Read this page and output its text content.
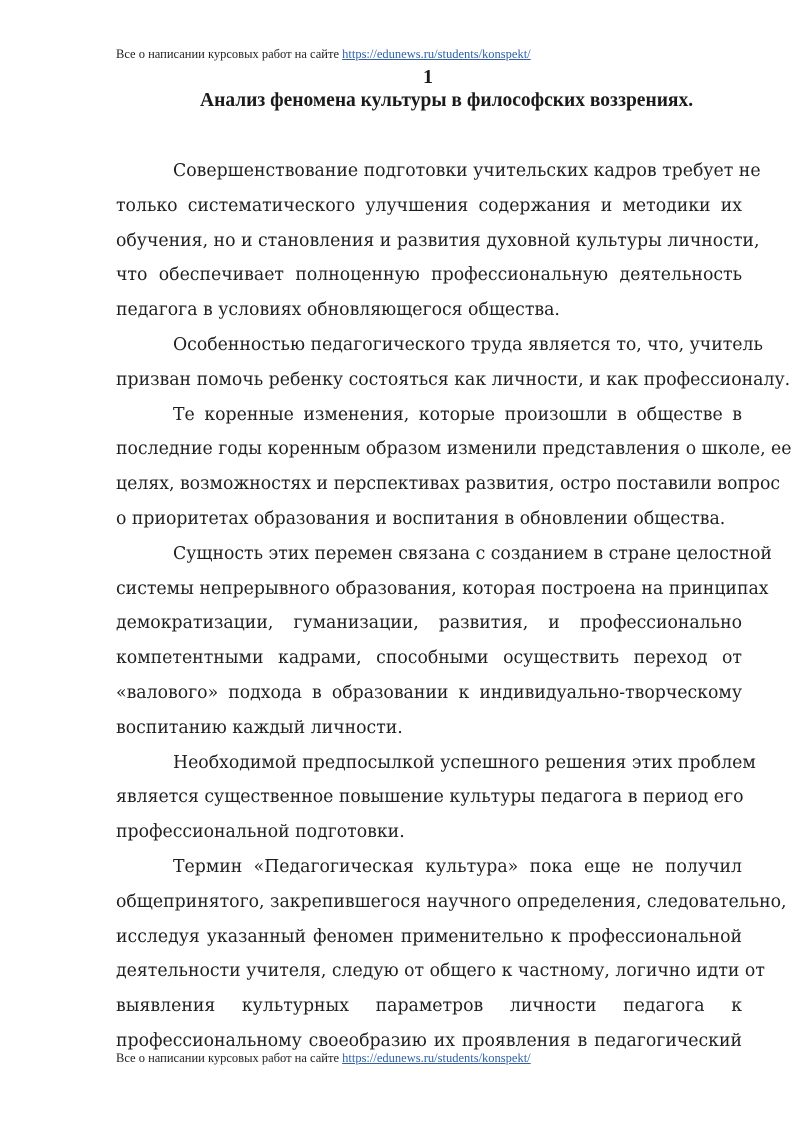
Все о написании курсовых работ на сайте https://edunews.ru/students/konspekt/
1
Анализ феномена культуры в философских воззрениях.
Совершенствование подготовки учительских кадров требует не
только систематического улучшения содержания и методики их
обучения, но и становления и развития духовной культуры личности,
что обеспечивает полноценную профессиональную деятельность
педагога в условиях обновляющегося общества.
Особенностью педагогического труда является то, что, учитель
призван помочь ребенку состояться как личности, и как профессионалу.
Те коренные изменения, которые произошли в обществе в
последние годы коренным образом изменили представления о школе, ее
целях, возможностях и перспективах развития, остро поставили вопрос
о приоритетах образования и воспитания в обновлении общества.
Сущность этих перемен связана с созданием в стране целостной
системы непрерывного образования, которая построена на принципах
демократизации, гуманизации, развития, и профессионально
компетентными кадрами, способными осуществить переход от
«валового» подхода в образовании к индивидуально-творческому
воспитанию каждый личности.
Необходимой предпосылкой успешного решения этих проблем
является существенное повышение культуры педагога в период его
профессиональной подготовки.
Термин «Педагогическая культура» пока еще не получил
общепринятого, закрепившегося научного определения, следовательно,
исследуя указанный феномен применительно к профессиональной
деятельности учителя, следую от общего к частному, логично идти от
выявления культурных параметров личности педагога к
профессиональному своеобразию их проявления в педагогический
Все о написании курсовых работ на сайте https://edunews.ru/students/konspekt/
